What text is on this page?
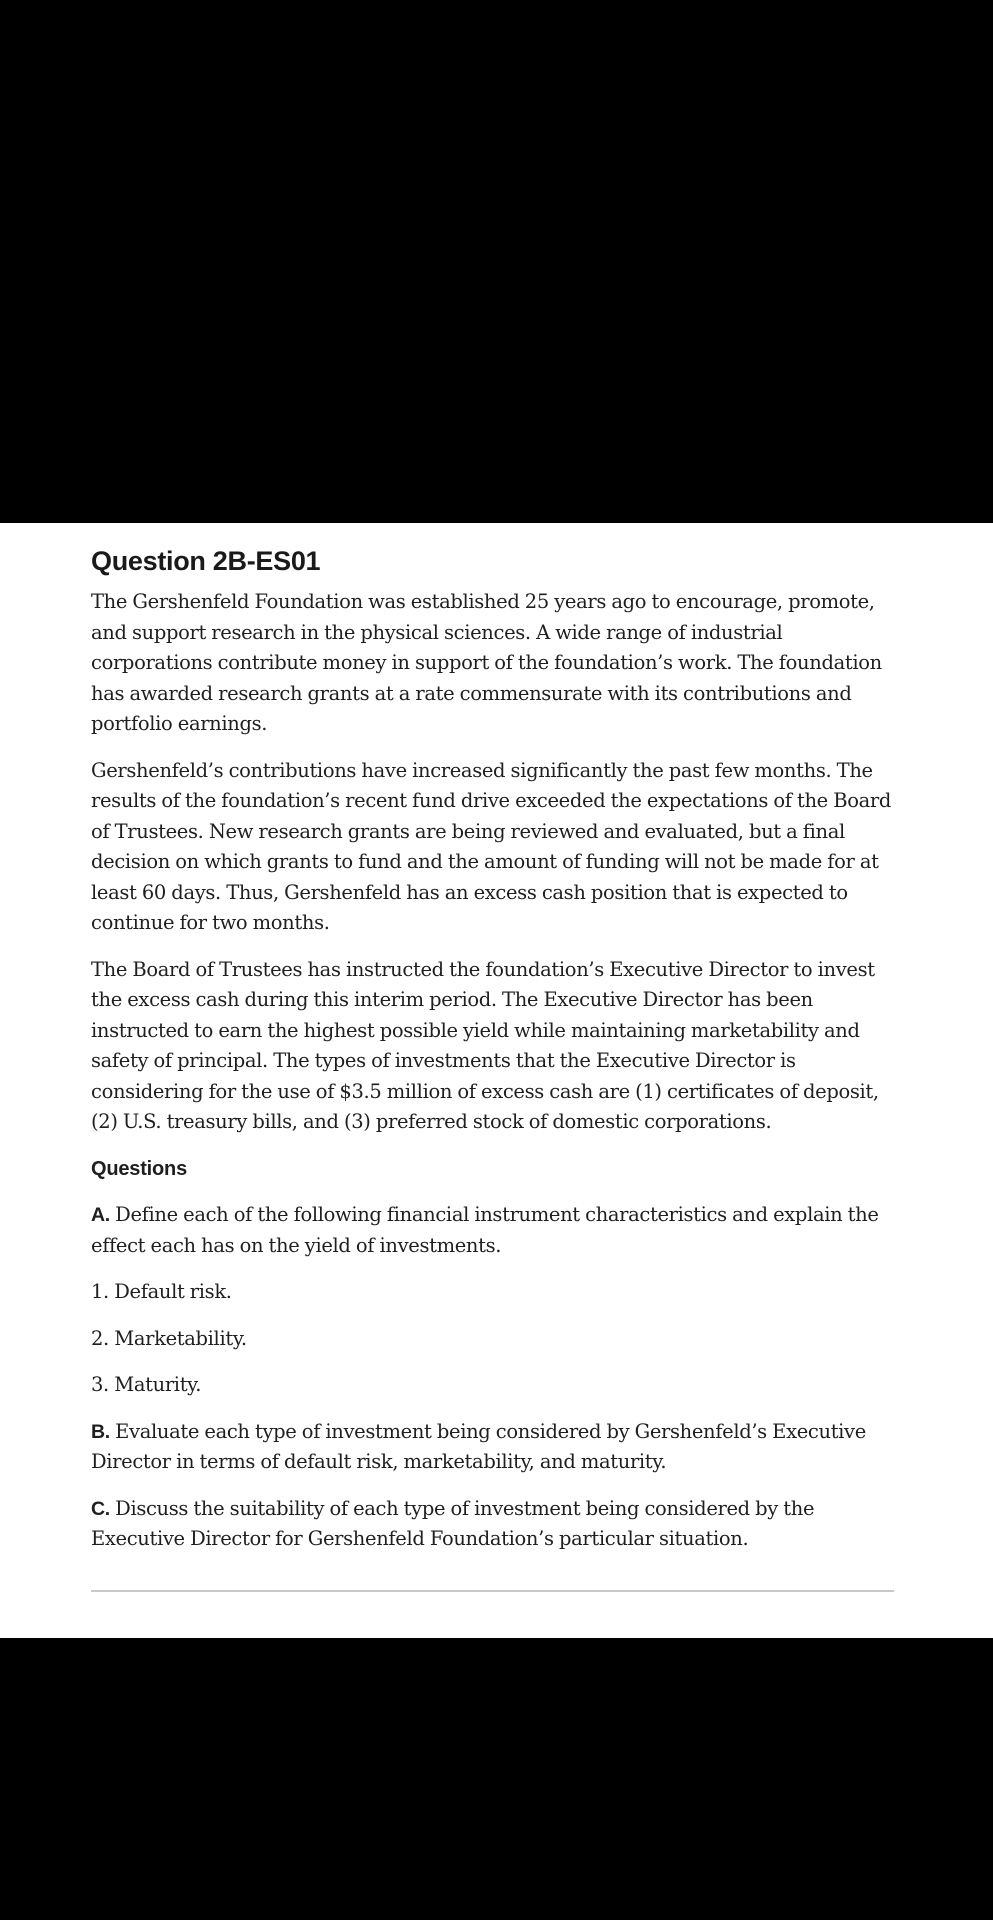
Question 2B-ES01

The Gershenfeld Foundation was established 25 years ago to encourage, promote, and support research in the physical sciences. A wide range of industrial corporations contribute money in support of the foundation’s work. The foundation has awarded research grants at a rate commensurate with its contributions and portfolio earnings.

Gershenfeld’s contributions have increased significantly the past few months. The results of the foundation’s recent fund drive exceeded the expectations of the Board of Trustees. New research grants are being reviewed and evaluated, but a final decision on which grants to fund and the amount of funding will not be made for at least 60 days. Thus, Gershenfeld has an excess cash position that is expected to continue for two months.

The Board of Trustees has instructed the foundation’s Executive Director to invest the excess cash during this interim period. The Executive Director has been instructed to earn the highest possible yield while maintaining marketability and safety of principal. The types of investments that the Executive Director is considering for the use of $3.5 million of excess cash are (1) certificates of deposit, (2) U.S. treasury bills, and (3) preferred stock of domestic corporations.

Questions

A. Define each of the following financial instrument characteristics and explain the effect each has on the yield of investments.

1. Default risk.

2. Marketability.

3. Maturity.

B. Evaluate each type of investment being considered by Gershenfeld’s Executive Director in terms of default risk, marketability, and maturity.

C. Discuss the suitability of each type of investment being considered by the Executive Director for Gershenfeld Foundation’s particular situation.
